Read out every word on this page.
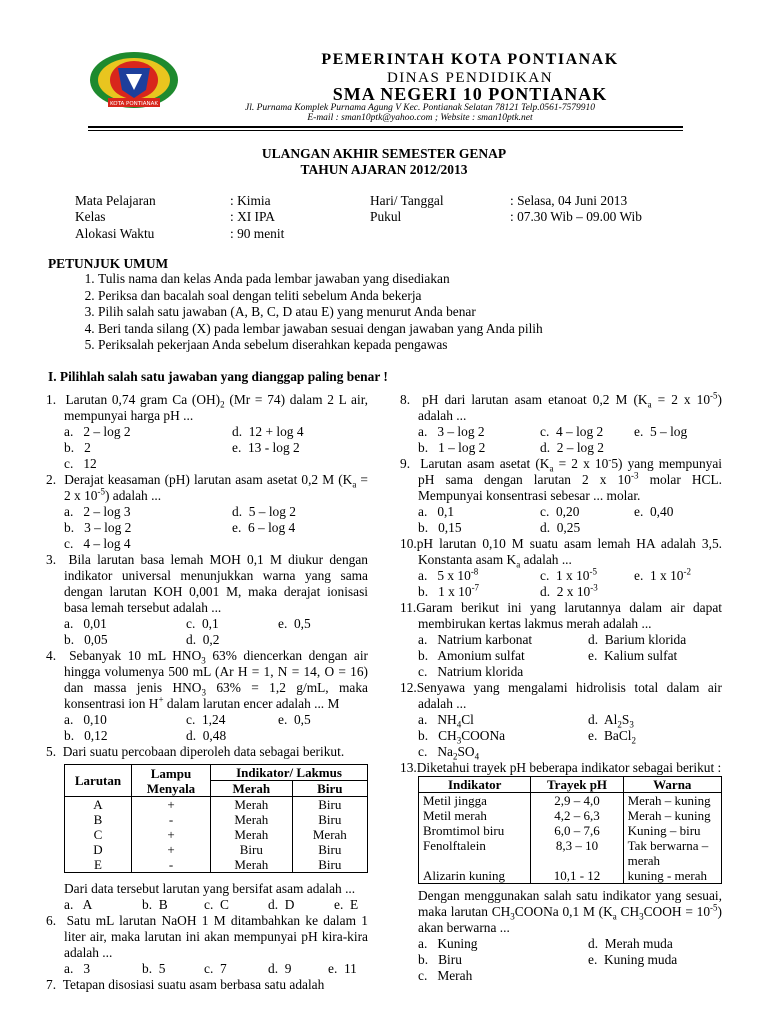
KOTA PONTIANAK
PEMERINTAH KOTA PONTIANAK
DINAS PENDIDIKAN
SMA NEGERI 10 PONTIANAK
Jl. Purnama Komplek Purnama Agung V Kec. Pontianak Selatan 78121 Telp.0561-7579910
E-mail : sman10ptk@yahoo.com ; Website : sman10ptk.net
ULANGAN AKHIR SEMESTER GENAP
TAHUN AJARAN 2012/2013
Mata Pelajaran	: Kimia
Kelas	: XI IPA
Alokasi Waktu	: 90 menit
Hari/ Tanggal	: Selasa, 04 Juni 2013
Pukul	: 07.30 Wib – 09.00 Wib
PETUNJUK UMUM
1. Tulis nama dan kelas Anda pada lembar jawaban yang disediakan
2. Periksa dan bacalah soal dengan teliti sebelum Anda bekerja
3. Pilih salah satu jawaban (A, B, C, D atau E) yang menurut Anda benar
4. Beri tanda silang (X) pada lembar jawaban sesuai dengan jawaban yang Anda pilih
5. Periksalah pekerjaan Anda sebelum diserahkan kepada pengawas
I. Pilihlah salah satu jawaban yang dianggap paling benar !
1.  Larutan 0,74 gram Ca $(OH)_2$ (Mr = 74) dalam 2 L air, mempunyai harga pH ...
a.   2 – log 2	d.  12 + log 4
b.   2	e.  13 - log 2
c.   12
2.  Derajat keasaman (pH) larutan asam asetat 0,2 M ($K_a = 2$ x $10^{-5}$) adalah ...
a.   2 – log 3	d.  5 – log 2
b.   3 – log 2	e.  6 – log 4
c.   4 – log 4
3.  Bila larutan basa lemah MOH 0,1 M diukur dengan indikator universal menunjukkan warna yang sama dengan larutan KOH 0,001 M, maka derajat ionisasi basa lemah tersebut adalah ...
a.   0,01	c.  0,1	e.  0,5
b.   0,05	d.  0,2
4.  Sebanyak 10 mL $HNO_3$ 63% diencerkan dengan air hingga volumenya 500 mL (Ar H = 1, N = 14, O = 16) dan massa jenis $HNO_3$ 63% = 1,2 g/mL, maka konsentrasi ion H+ dalam larutan encer adalah ... M
a.   0,10	c.  1,24	e.  0,5
b.   0,12	d.  0,48
5.  Dari suatu percobaan diperoleh data sebagai berikut.
Larutan	Lampu Menyala	Indikator/ Lakmus	
		Merah	Biru
A	+	Merah	Biru
B	-	Merah	Biru
C	+	Merah	Merah
D	+	Biru	Biru
E	-	Merah	Biru
Dari data tersebut larutan yang bersifat asam adalah ...
a.   A	b.  B	c.  C	d.  D	e.  E
6.  Satu mL larutan NaOH 1 M ditambahkan ke dalam 1 liter air, maka larutan ini akan mempunyai pH kira-kira adalah ...
a.   3	b.  5	c.  7	d.  9	e.  11
7.  Tetapan disosiasi suatu asam berbasa satu adalah
8.  pH dari larutan asam etanoat 0,2 M ($K_a = 2$ x $10^{-5}$) adalah ...
a.   3 – log 2	c.  4 – log 2 e.  5 – log
b.   1 – log 2	d.  2 – log 2
9.  Larutan asam asetat ($K_a = 2$ x 10-5) yang mempunyai pH sama dengan larutan 2 x $10^{-3}$ molar HCL. Mempunyai konsentrasi sebesar ... molar.
a.   0,1	c.  0,20	e.  0,40
b.   0,15	d.  0,25
10.pH larutan 0,10 M suatu asam lemah HA adalah 3,5. Konstanta asam $K_a$ adalah ...
a.   5 x $10^{-8}$	c.  1 x $10^{-5}$	e.  1 x $10^{-2}$
b.   1 x $10^{-7}$	d.  2 x $10^{-3}$
11.Garam berikut ini yang larutannya dalam air dapat membirukan kertas lakmus merah adalah ...
a.   Natrium karbonat	d.  Barium klorida
b.   Amonium sulfat	e.  Kalium sulfat
c.   Natrium klorida
12.Senyawa yang mengalami hidrolisis total dalam air adalah ...
a.   $NH_4Cl$	d.  $Al_2S_3$
b.   $CH_3COONa$	e.  BaCl$_2$
c.   $Na_2SO_4$
13.Diketahui trayek pH beberapa indikator sebagai berikut :
Indikator	Trayek pH	Warna
Metil jingga	2,9 – 4,0	Merah – kuning
Metil merah	4,2 – 6,3	Merah – kuning
Bromtimol biru	6,0 – 7,6	Kuning – biru
Fenolftalein	8,3 – 10	Tak berwarna – merah
Alizarin kuning	10,1 - 12	kuning - merah
Dengan menggunakan salah satu indikator yang sesuai, maka larutan $CH_3COONa$ 0,1 M ($K_a$ $CH_3COOH = 10^{-5}$) akan berwarna ...
a.   Kuning	d.  Merah muda
b.   Biru	e.  Kuning muda
c.   Merah
